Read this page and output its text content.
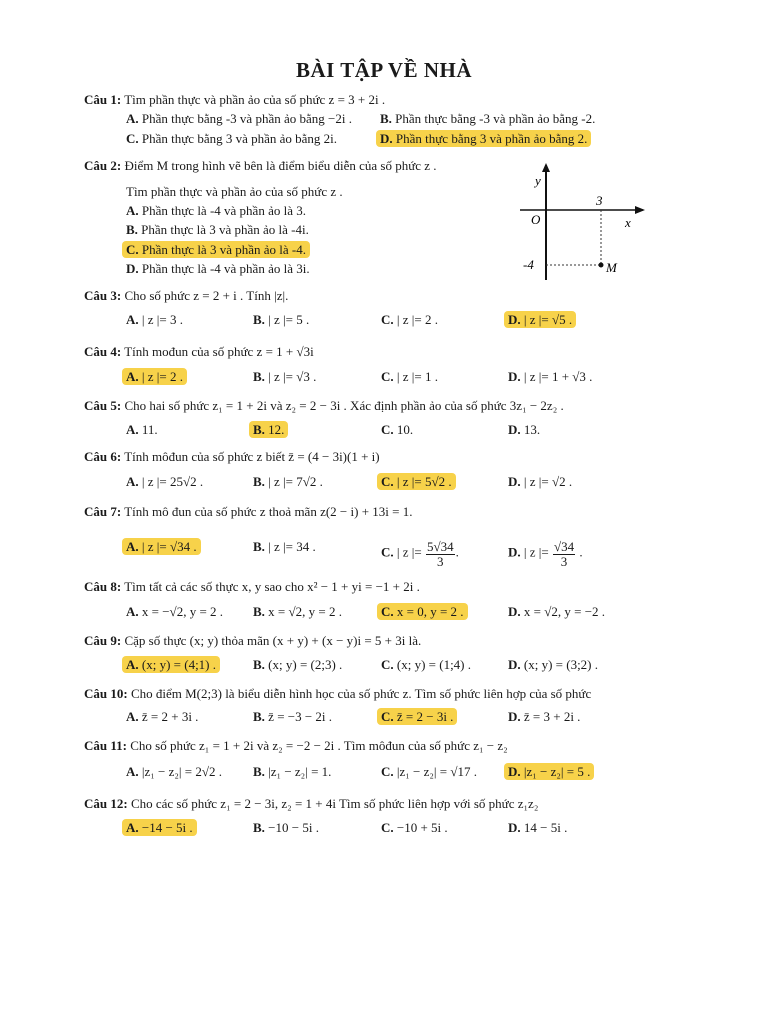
BÀI TẬP VỀ NHÀ
Câu 1: Tìm phần thực và phần ảo của số phức z = 3 + 2i .
A. Phần thực bằng -3 và phần ảo bằng −2i . B. Phần thực bằng -3 và phần ảo bằng -2.
C. Phần thực bằng 3 và phần ảo bằng 2i.	D. Phần thực bằng 3 và phần ảo bằng 2.
Câu 2: Điểm M trong hình vẽ bên là điểm biểu diễn của số phức z .
Tìm phần thực và phần ảo của số phức z .
A. Phần thực là -4 và phần ảo là 3.
B. Phần thực là 3 và phần ảo là -4i.
C. Phần thực là 3 và phần ảo là -4.
D. Phần thực là -4 và phần ảo là 3i.
y
x
O
3
-4	M
Câu 3: Cho số phức z = 2 + i . Tính |z|.
A. | z |= 3 .	B. | z |= 5 .	C. | z |= 2 .	D. | z |= √5 .
Câu 4: Tính mođun của số phức z = 1 + √3i
A. | z |= 2 .	B. | z |= √3 .	C. | z |= 1 .	D. | z |= 1 + √3 .
Câu 5: Cho hai số phức z₁ = 1 + 2i và z₂ = 2 − 3i . Xác định phần ảo của số phức 3z₁ − 2z₂ .
A. 11.	B. 12.	C. 10.	D. 13.
Câu 6: Tính môđun của số phức z biết z̄ = (4 − 3i)(1 + i)
A. | z |= 25√2 .	B. | z |= 7√2 .	C. | z |= 5√2 .	D. | z |= √2 .
Câu 7: Tính mô đun của số phức z thoả mãn z(2 − i) + 13i = 1.
A. | z |= √34 .	B. | z |= 34 .	C. | z |= $\frac{5√34}{3}$ .	D. | z |= $\frac{√34}{3}$ .
Câu 8: Tìm tất cả các số thực x, y sao cho x² − 1 + yi = −1 + 2i .
A. x = −√2, y = 2 . B. x = √2, y = 2 .	C. x = 0, y = 2 .	D. x = √2, y = −2 .
Câu 9: Cặp số thực (x; y) thỏa mãn (x + y) + (x − y)i = 5 + 3i là.
A. (x; y) = (4;1) .	B. (x; y) = (2;3) .	C. (x; y) = (1;4) .	D. (x; y) = (3;2) .
Câu 10: Cho điểm M(2;3) là biểu diễn hình học của số phức z. Tìm số phức liên hợp của số phức
A. z̄ = 2 + 3i .	B. z̄ = −3 − 2i .	C. z̄ = 2 − 3i .	D. z̄ = 3 + 2i .
Câu 11: Cho số phức z₁ = 1 + 2i và z₂ = −2 − 2i . Tìm môđun của số phức z₁ − z₂
A. |z₁ − z₂| = 2√2 . B. |z₁ − z₂| = 1.	C. |z₁ − z₂| = √17 . D. |z₁ − z₂| = 5 .
Câu 12: Cho các số phức z₁ = 2 − 3i, z₂ = 1 + 4i Tìm số phức liên hợp với số phức z₁z₂
A. −14 − 5i .	B. −10 − 5i .	C. −10 + 5i .	D. 14 − 5i .
